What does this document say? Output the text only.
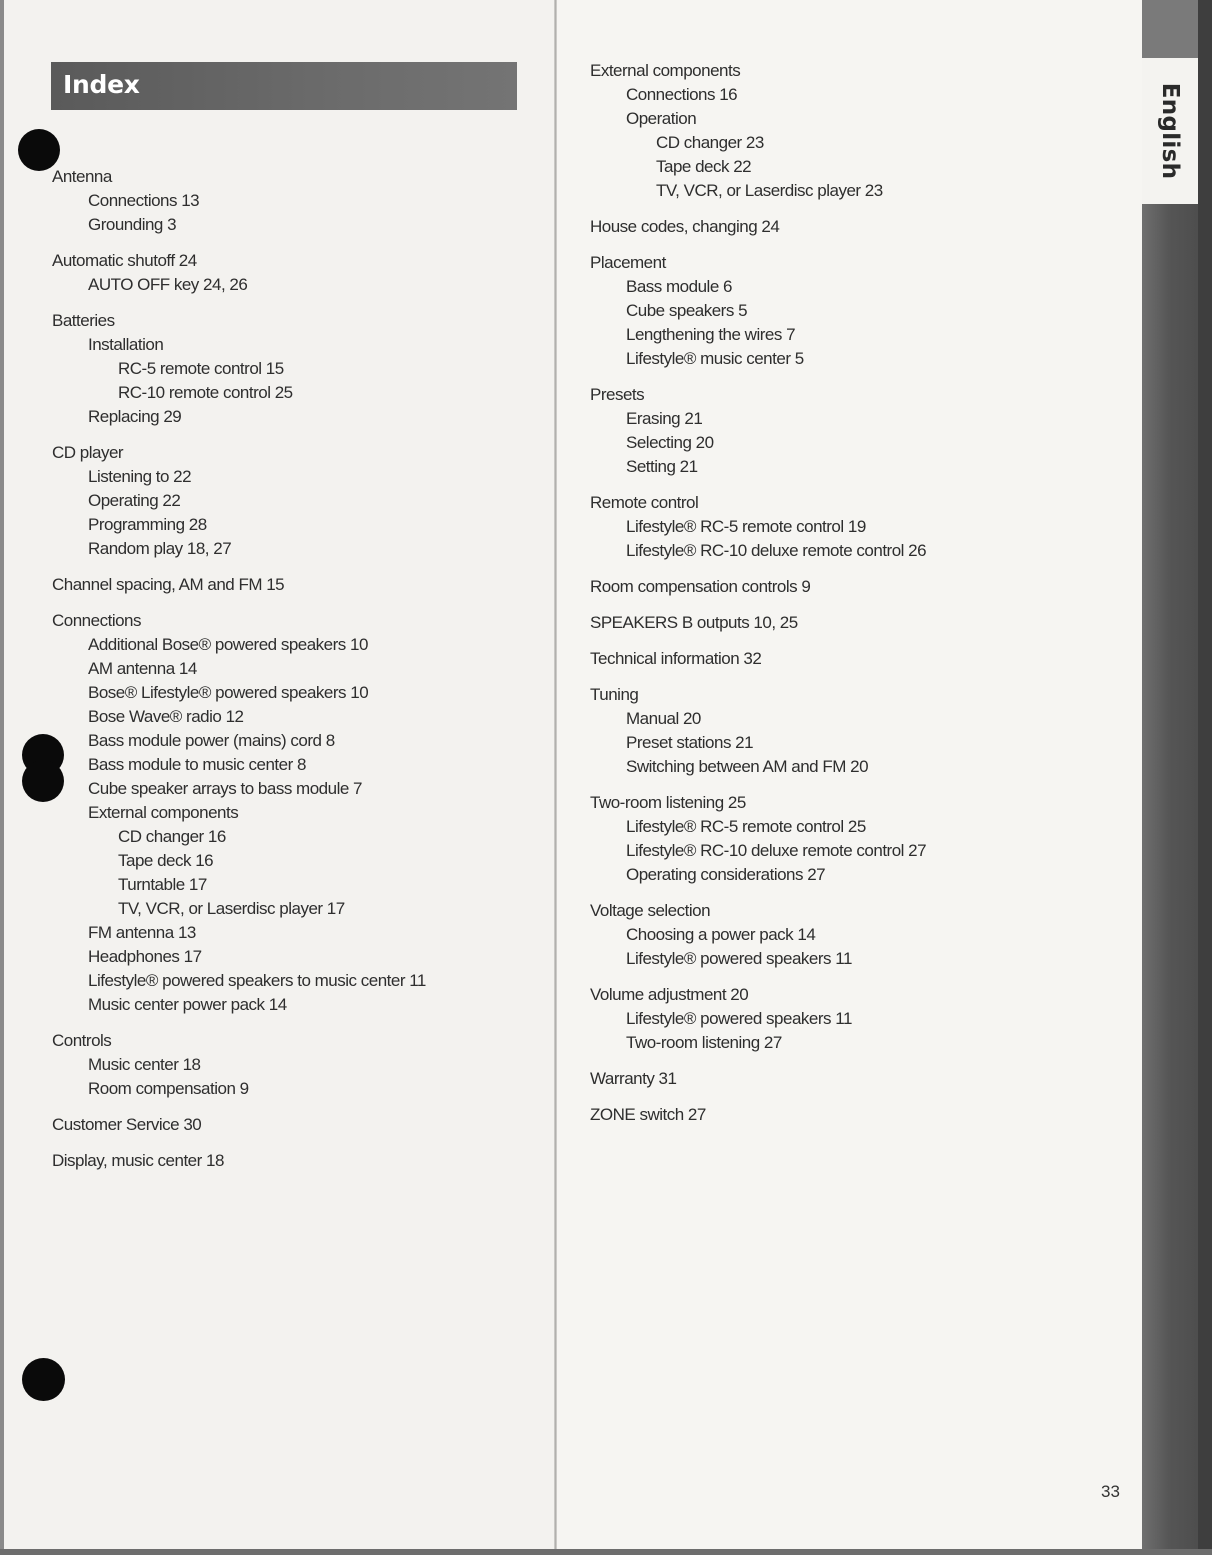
English
Index
Antenna
Connections 13
Grounding 3
Automatic shutoff 24
AUTO OFF key 24, 26
Batteries
Installation
RC-5 remote control 15
RC-10 remote control 25
Replacing 29
CD player
Listening to 22
Operating 22
Programming 28
Random play 18, 27
Channel spacing, AM and FM 15
Connections
Additional Bose® powered speakers 10
AM antenna 14
Bose® Lifestyle® powered speakers 10
Bose Wave® radio 12
Bass module power (mains) cord 8
Bass module to music center 8
Cube speaker arrays to bass module 7
External components
CD changer 16
Tape deck 16
Turntable 17
TV, VCR, or Laserdisc player 17
FM antenna 13
Headphones 17
Lifestyle® powered speakers to music center 11
Music center power pack 14
Controls
Music center 18
Room compensation 9
Customer Service 30
Display, music center 18
External components
Connections 16
Operation
CD changer 23
Tape deck 22
TV, VCR, or Laserdisc player 23
House codes, changing 24
Placement
Bass module 6
Cube speakers 5
Lengthening the wires 7
Lifestyle® music center 5
Presets
Erasing 21
Selecting 20
Setting 21
Remote control
Lifestyle® RC-5 remote control 19
Lifestyle® RC-10 deluxe remote control 26
Room compensation controls 9
SPEAKERS B outputs 10, 25
Technical information 32
Tuning
Manual 20
Preset stations 21
Switching between AM and FM 20
Two-room listening 25
Lifestyle® RC-5 remote control 25
Lifestyle® RC-10 deluxe remote control 27
Operating considerations 27
Voltage selection
Choosing a power pack 14
Lifestyle® powered speakers 11
Volume adjustment 20
Lifestyle® powered speakers 11
Two-room listening 27
Warranty 31
ZONE switch 27
33
